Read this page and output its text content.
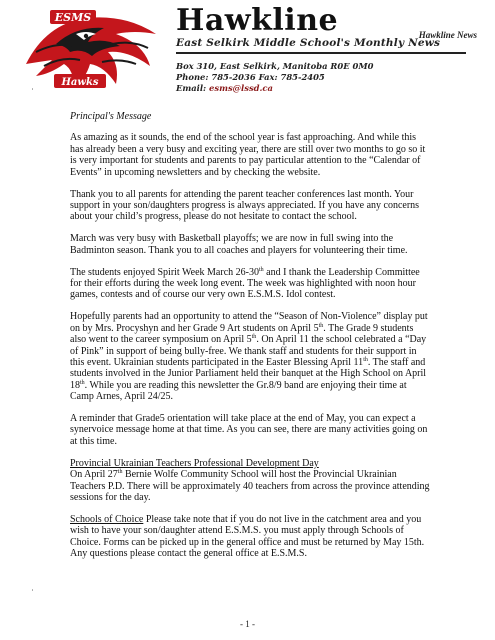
ESMS
Hawks
Hawkline
East Selkirk Middle School's Monthly News
Box 310, East Selkirk, Manitoba R0E 0M0
Phone: 785-2036 Fax: 785-2405
Email: esms@lssd.ca
Hawkline News
˙

Principal's Message

As amazing as it sounds, the end of the school year is fast approaching. And while this has already been a very busy and exciting year, there are still over two months to go so it is very important for students and parents to pay particular attention to the “Calendar of Events” in upcoming newsletters and by checking the website.

Thank you to all parents for attending the parent teacher conferences last month. Your support in your son/daughters progress is always appreciated. If you have any concerns about your child’s progress, please do not hesitate to contact the school.

March was very busy with Basketball playoffs; we are now in full swing into the Badminton season. Thank you to all coaches and players for volunteering their time.

The students enjoyed Spirit Week March 26-30th and I thank the Leadership Committee for their efforts during the week long event. The week was highlighted with noon hour games, contests and of course our very own E.S.M.S. Idol contest.

Hopefully parents had an opportunity to attend the “Season of Non-Violence” display put on by Mrs. Procyshyn and her Grade 9 Art students on April 5th. The Grade 9 students also went to the career symposium on April 5th. On April 11 the school celebrated a “Day of Pink” in support of being bully-free. We thank staff and students for their support in this event. Ukrainian students participated in the Easter Blessing April 11th. The staff and students involved in the Junior Parliament held their banquet at the High School on April 18th. While you are reading this newsletter the Gr.8/9 band are enjoying their time at Camp Arnes, April 24/25.

A reminder that Grade5 orientation will take place at the end of May, you can expect a synervoice message home at that time. As you can see, there are many activities going on at this time.

Provincial Ukrainian Teachers Professional Development Day
On April 27th Bernie Wolfe Community School will host the Provincial Ukrainian Teachers P.D. There will be approximately 40 teachers from across the province attending sessions for the day.

Schools of Choice Please take note that if you do not live in the catchment area and you wish to have your son/daughter attend E.S.M.S. you must apply through Schools of Choice. Forms can be picked up in the general office and must be returned by May 15th. Any questions please contact the general office at E.S.M.S.

˙
- 1 -
